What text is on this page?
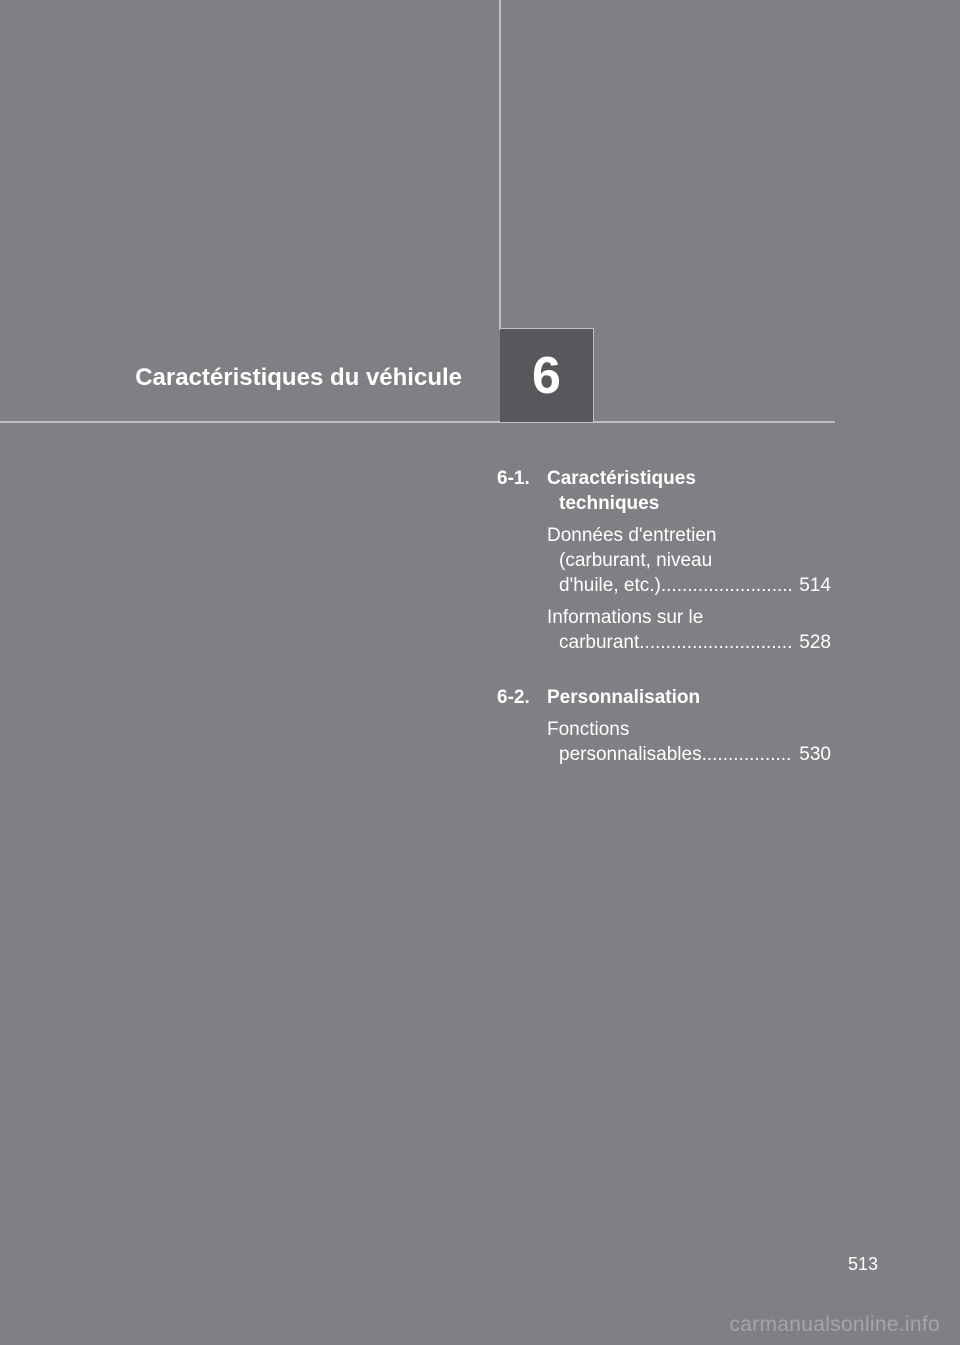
Caractéristiques du véhicule 6
6-1. Caractéristiques
techniques
Données d'entretien
(carburant, niveau
d'huile, etc.) .....	514
Informations sur le
carburant .....	528
6-2. Personnalisation
Fonctions
personnalisables .....	530
513
carmanualsonline.info
